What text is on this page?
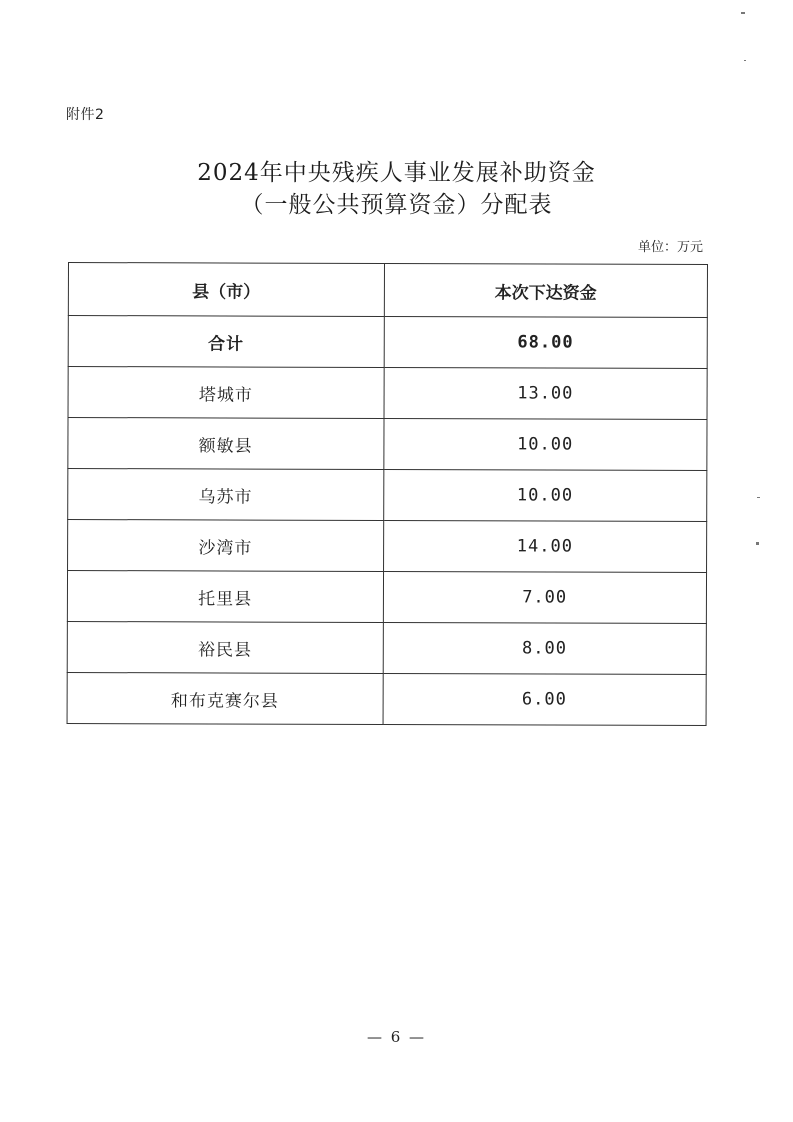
附件2
2024年中央残疾人事业发展补助资金
（一般公共预算资金）分配表
单位：万元
县（市）	本次下达资金
合计	68.00
塔城市	13.00
额敏县	10.00
乌苏市	10.00
沙湾市	14.00
托里县	7.00
裕民县	8.00
和布克赛尔县	6.00
— 6 —
